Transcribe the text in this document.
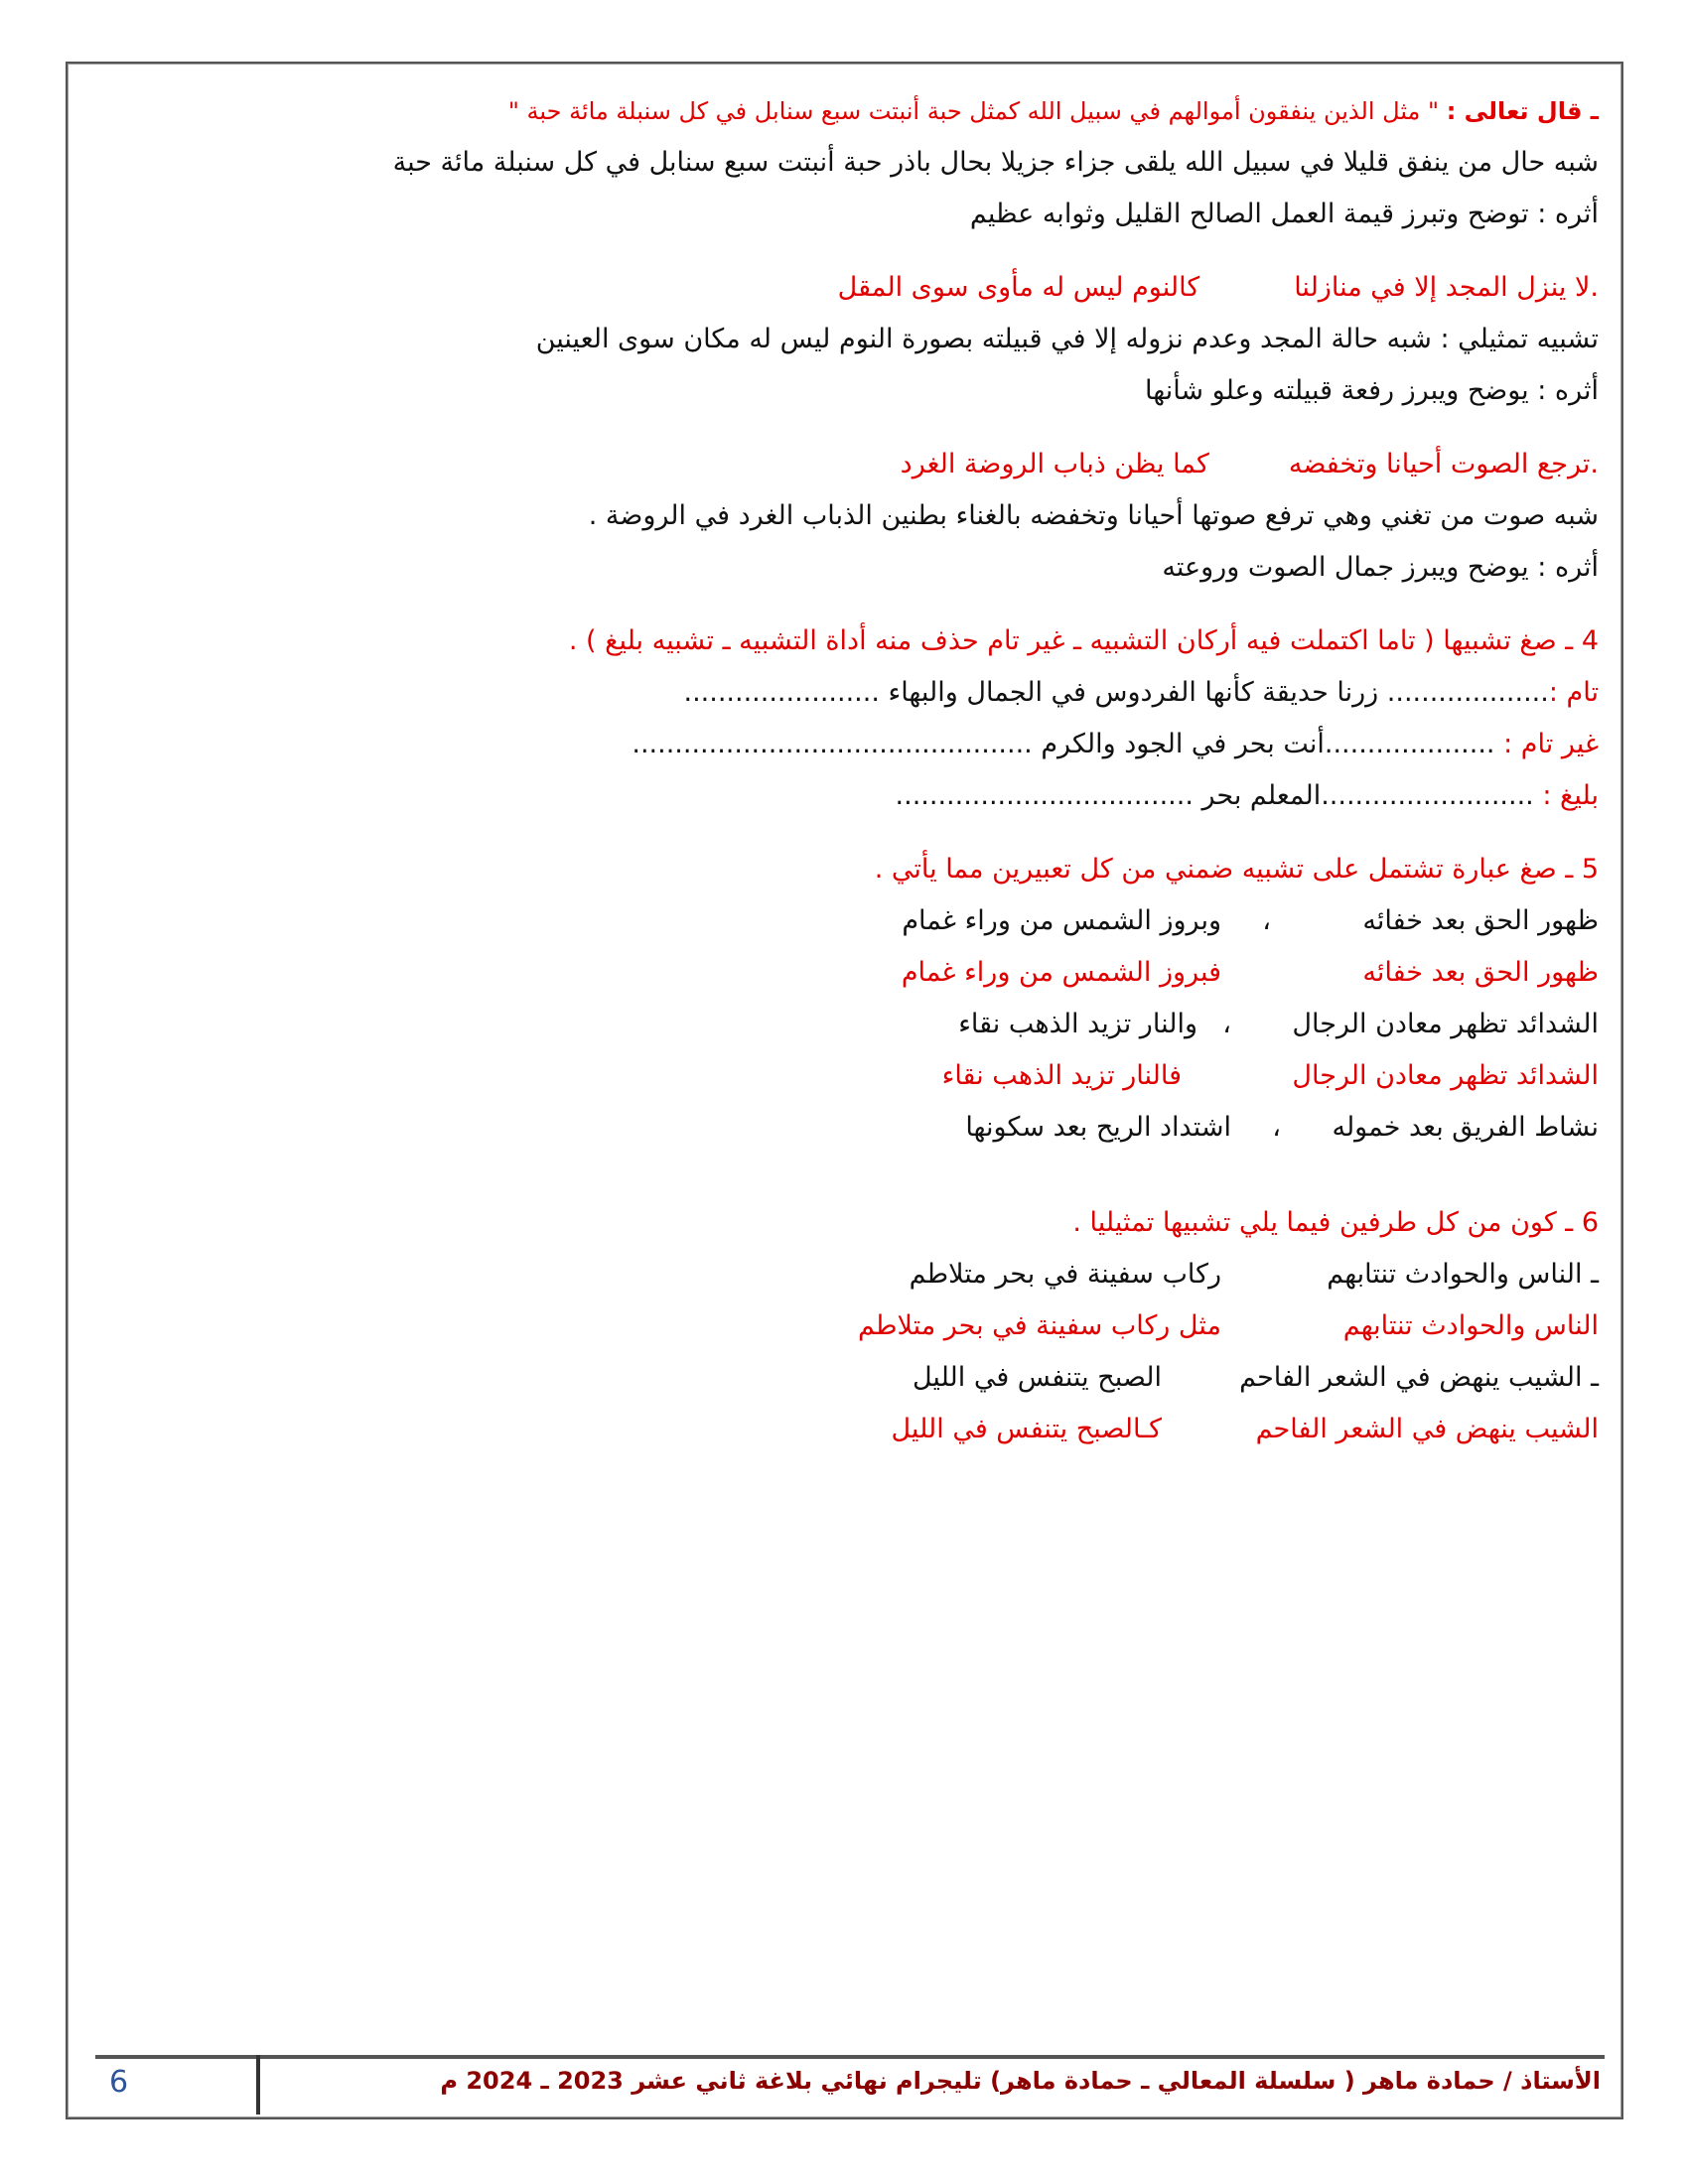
ـ قال تعالى : " مثل الذين ينفقون أموالهم في سبيل الله كمثل حبة أنبتت سبع سنابل في كل سنبلة مائة حبة "
شبه حال من ينفق قليلا في سبيل الله يلقى جزاء جزيلا بحال باذر حبة أنبتت سبع سنابل في كل سنبلة مائة حبة
أثره : توضح وتبرز قيمة العمل الصالح القليل وثوابه عظيم
.لا ينزل المجد إلا في منازلناكالنوم ليس له مأوى سوى المقل
تشبيه تمثيلي : شبه حالة المجد وعدم نزوله إلا في قبيلته بصورة النوم ليس له مكان سوى العينين
أثره : يوضح ويبرز رفعة قبيلته وعلو شأنها
.ترجع الصوت أحيانا وتخفضهكما يظن ذباب الروضة الغرد
شبه صوت من تغني وهي ترفع صوتها أحيانا وتخفضه بالغناء بطنين الذباب الغرد في الروضة .
أثره : يوضح ويبرز جمال الصوت وروعته
4 ـ صغ تشبيها ( تاما اكتملت فيه أركان التشبيه ـ غير تام حذف منه أداة التشبيه ـ تشبيه بليغ ) .
تام :................... زرنا حديقة كأنها الفردوس في الجمال والبهاء .......................
غير تام : ....................أنت بحر في الجود والكرم ...............................................
بليغ : .........................المعلم بحر ...................................
5 ـ صغ عبارة تشتمل على تشبيه ضمني من كل تعبيرين مما يأتي .
ظهور الحق بعد خفائه،وبروز الشمس من وراء غمام
ظهور الحق بعد خفائهفبروز الشمس من وراء غمام
الشدائد تظهر معادن الرجال،والنار تزيد الذهب نقاء
الشدائد تظهر معادن الرجالفالنار تزيد الذهب نقاء
نشاط الفريق بعد خموله،اشتداد الريح بعد سكونها
6 ـ كون من كل طرفين فيما يلي تشبيها تمثيليا .
ـ الناس والحوادث تنتابهمركاب سفينة في بحر متلاطم
الناس والحوادث تنتابهممثل ركاب سفينة في بحر متلاطم
ـ الشيب ينهض في الشعر الفاحمالصبح يتنفس في الليل
الشيب ينهض في الشعر الفاحمكـالصبح يتنفس في الليل
الأستاذ / حمادة ماهر ( سلسلة المعالي ـ حمادة ماهر) تليجرام نهائي بلاغة ثاني عشر 2023 ـ 2024 م
6
